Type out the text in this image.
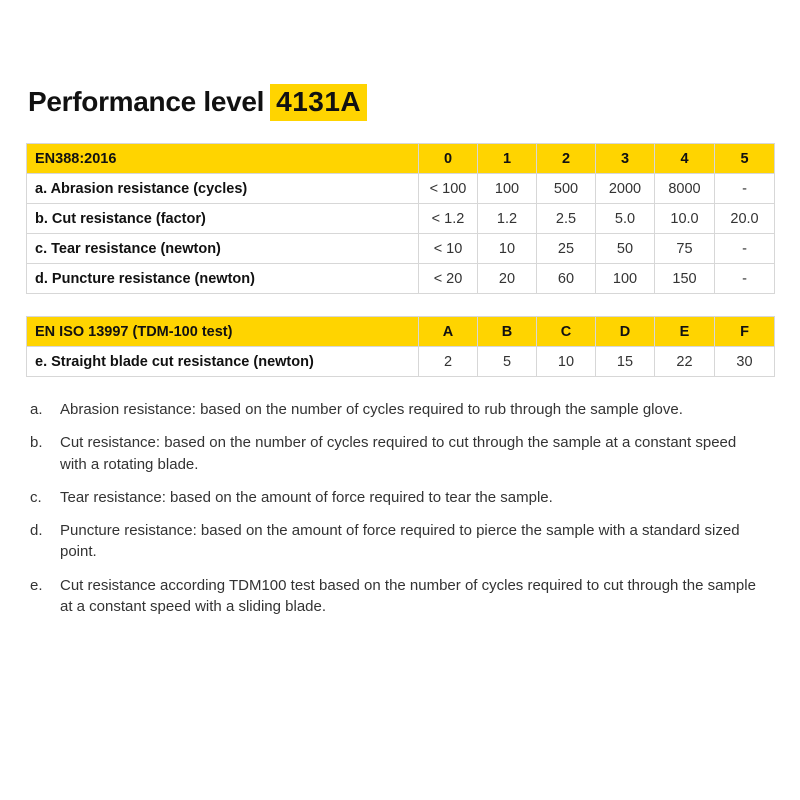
Performance level 4131A
EN388:2016	0	1	2	3	4	5
a. Abrasion resistance (cycles)	< 100	100	500	2000	8000	-
b. Cut resistance (factor)	< 1.2	1.2	2.5	5.0	10.0	20.0
c. Tear resistance (newton)	< 10	10	25	50	75	-
d. Puncture resistance (newton)	< 20	20	60	100	150	-
EN ISO 13997 (TDM-100 test)	A	B	C	D	E	F
e. Straight blade cut resistance (newton)	2	5	10	15	22	30
a.	Abrasion resistance: based on the number of cycles required to rub through the sample glove.
b.	Cut resistance: based on the number of cycles required to cut through the sample at a constant speed with a rotating blade.
c.	Tear resistance: based on the amount of force required to tear the sample.
d.	Puncture resistance: based on the amount of force required to pierce the sample with a standard sized point.
e.	Cut resistance according TDM100 test based on the number of cycles required to cut through the sample at a constant speed with a sliding blade.
